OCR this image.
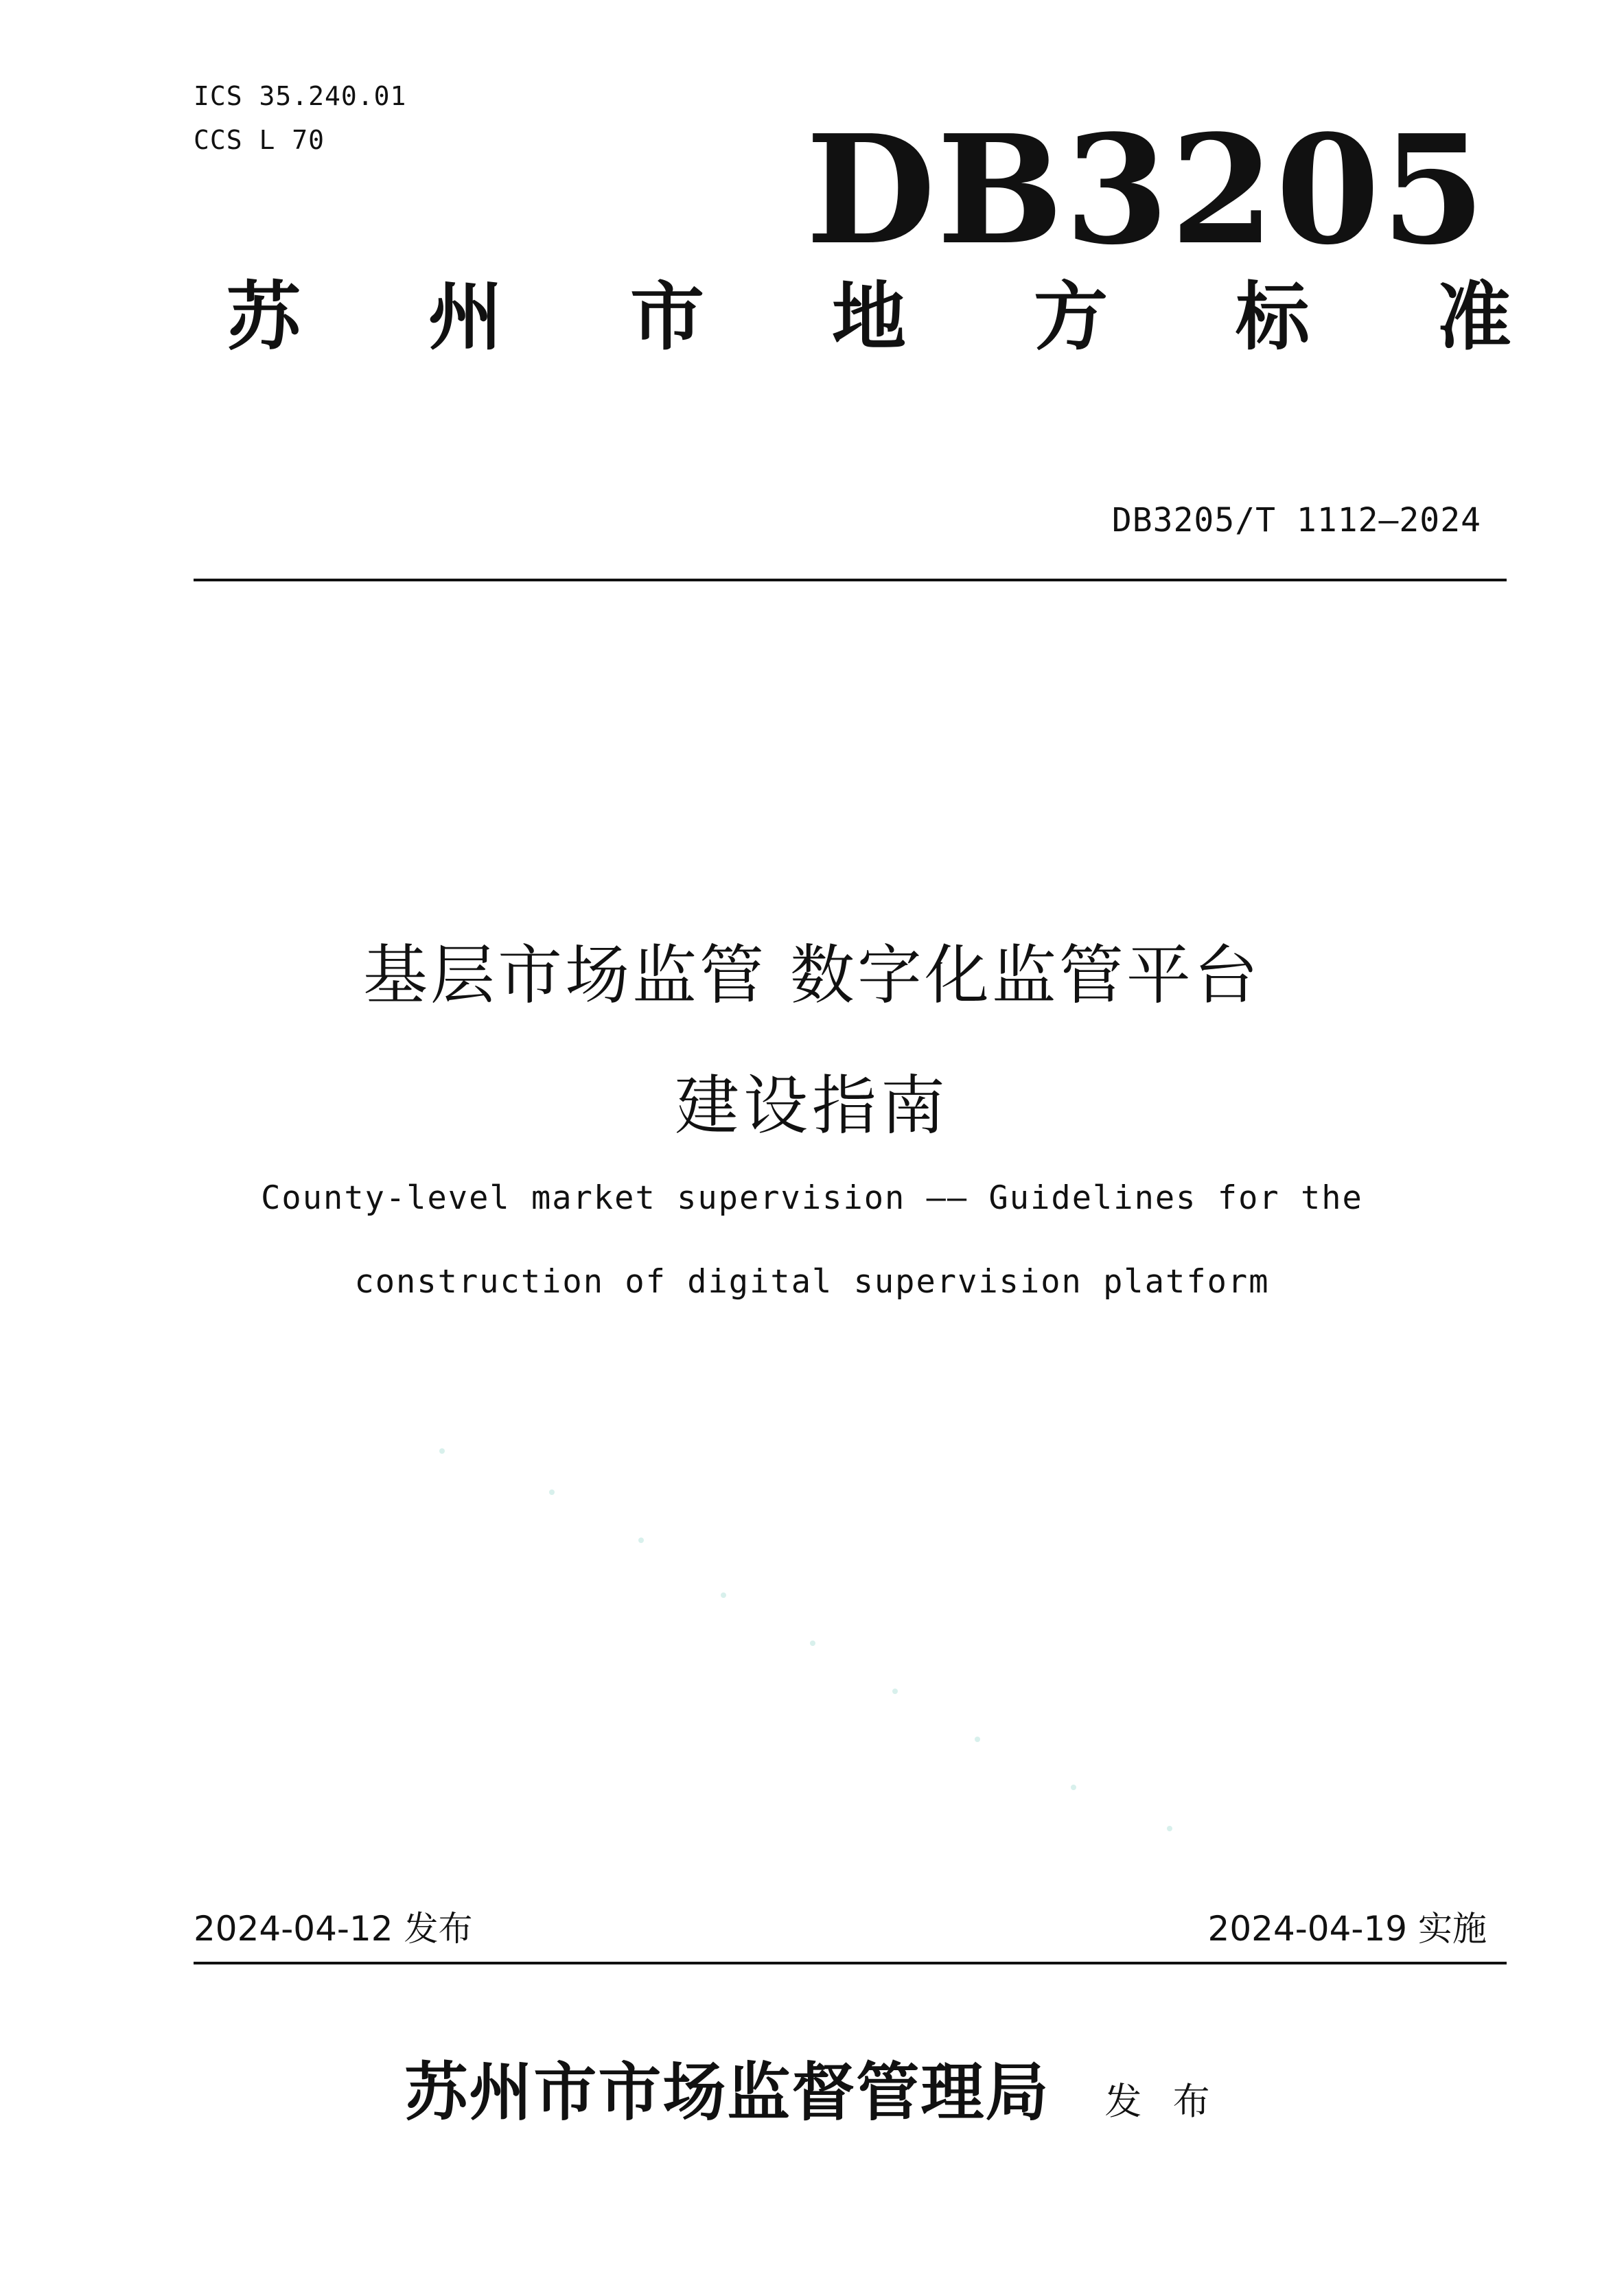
ICS 35.240.01
CCS L 70	DB3205
苏 州 市 地 方 标 准
DB3205/T 1112—2024
基层市场监管 数字化监管平台
建设指南
County-level market supervision —— Guidelines for the
construction of digital supervision platform
2024-04-12 发布	2024-04-19 实施
苏州市市场监督管理局 发 布
